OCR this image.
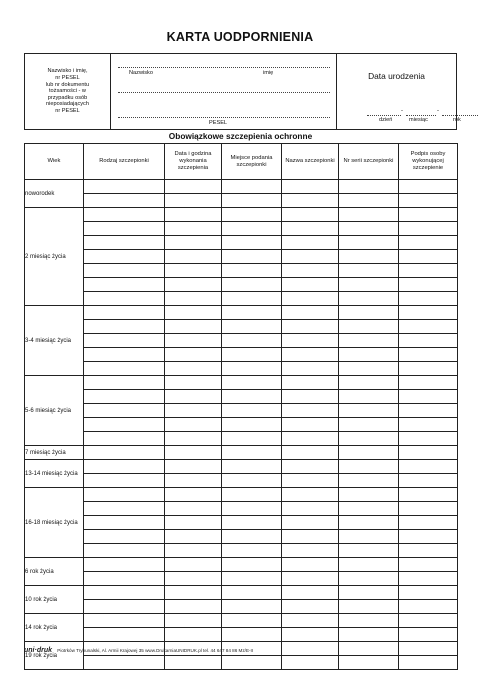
KARTA UODPORNIENIA
Nazwisko i imię,
nr PESEL
lub nr dokumentu
tożsamości - w
przypadku osób
nieposiadających
nr PESEL
Nazwisko	imię
PESEL
Data urodzenia
-	-
dzień	miesiąc	rok
Obowiązkowe szczepienia ochronne
Wiek	Rodzaj szczepionki	Data i godzina wykonania szczepienia	Miejsce podania szczepionki	Nazwa szczepionki	Nr serii szczepionki	Podpis osoby wykonującej szczepienie
noworodek						

2 miesiąc życia						

3-4 miesiąc życia						

5-6 miesiąc życia						

7 miesiąc życia						
13-14 miesiąc życia						

16-18 miesiąc życia						

6 rok życia						

10 rok życia						

14 rok życia						

19 rok życia						

uni·druk Piotrków Trybunalski, Al. Armii Krajowej 35 www.DrukarniaUNIDRUK.pl tel. 44 647 84 86 Mz/E-II
